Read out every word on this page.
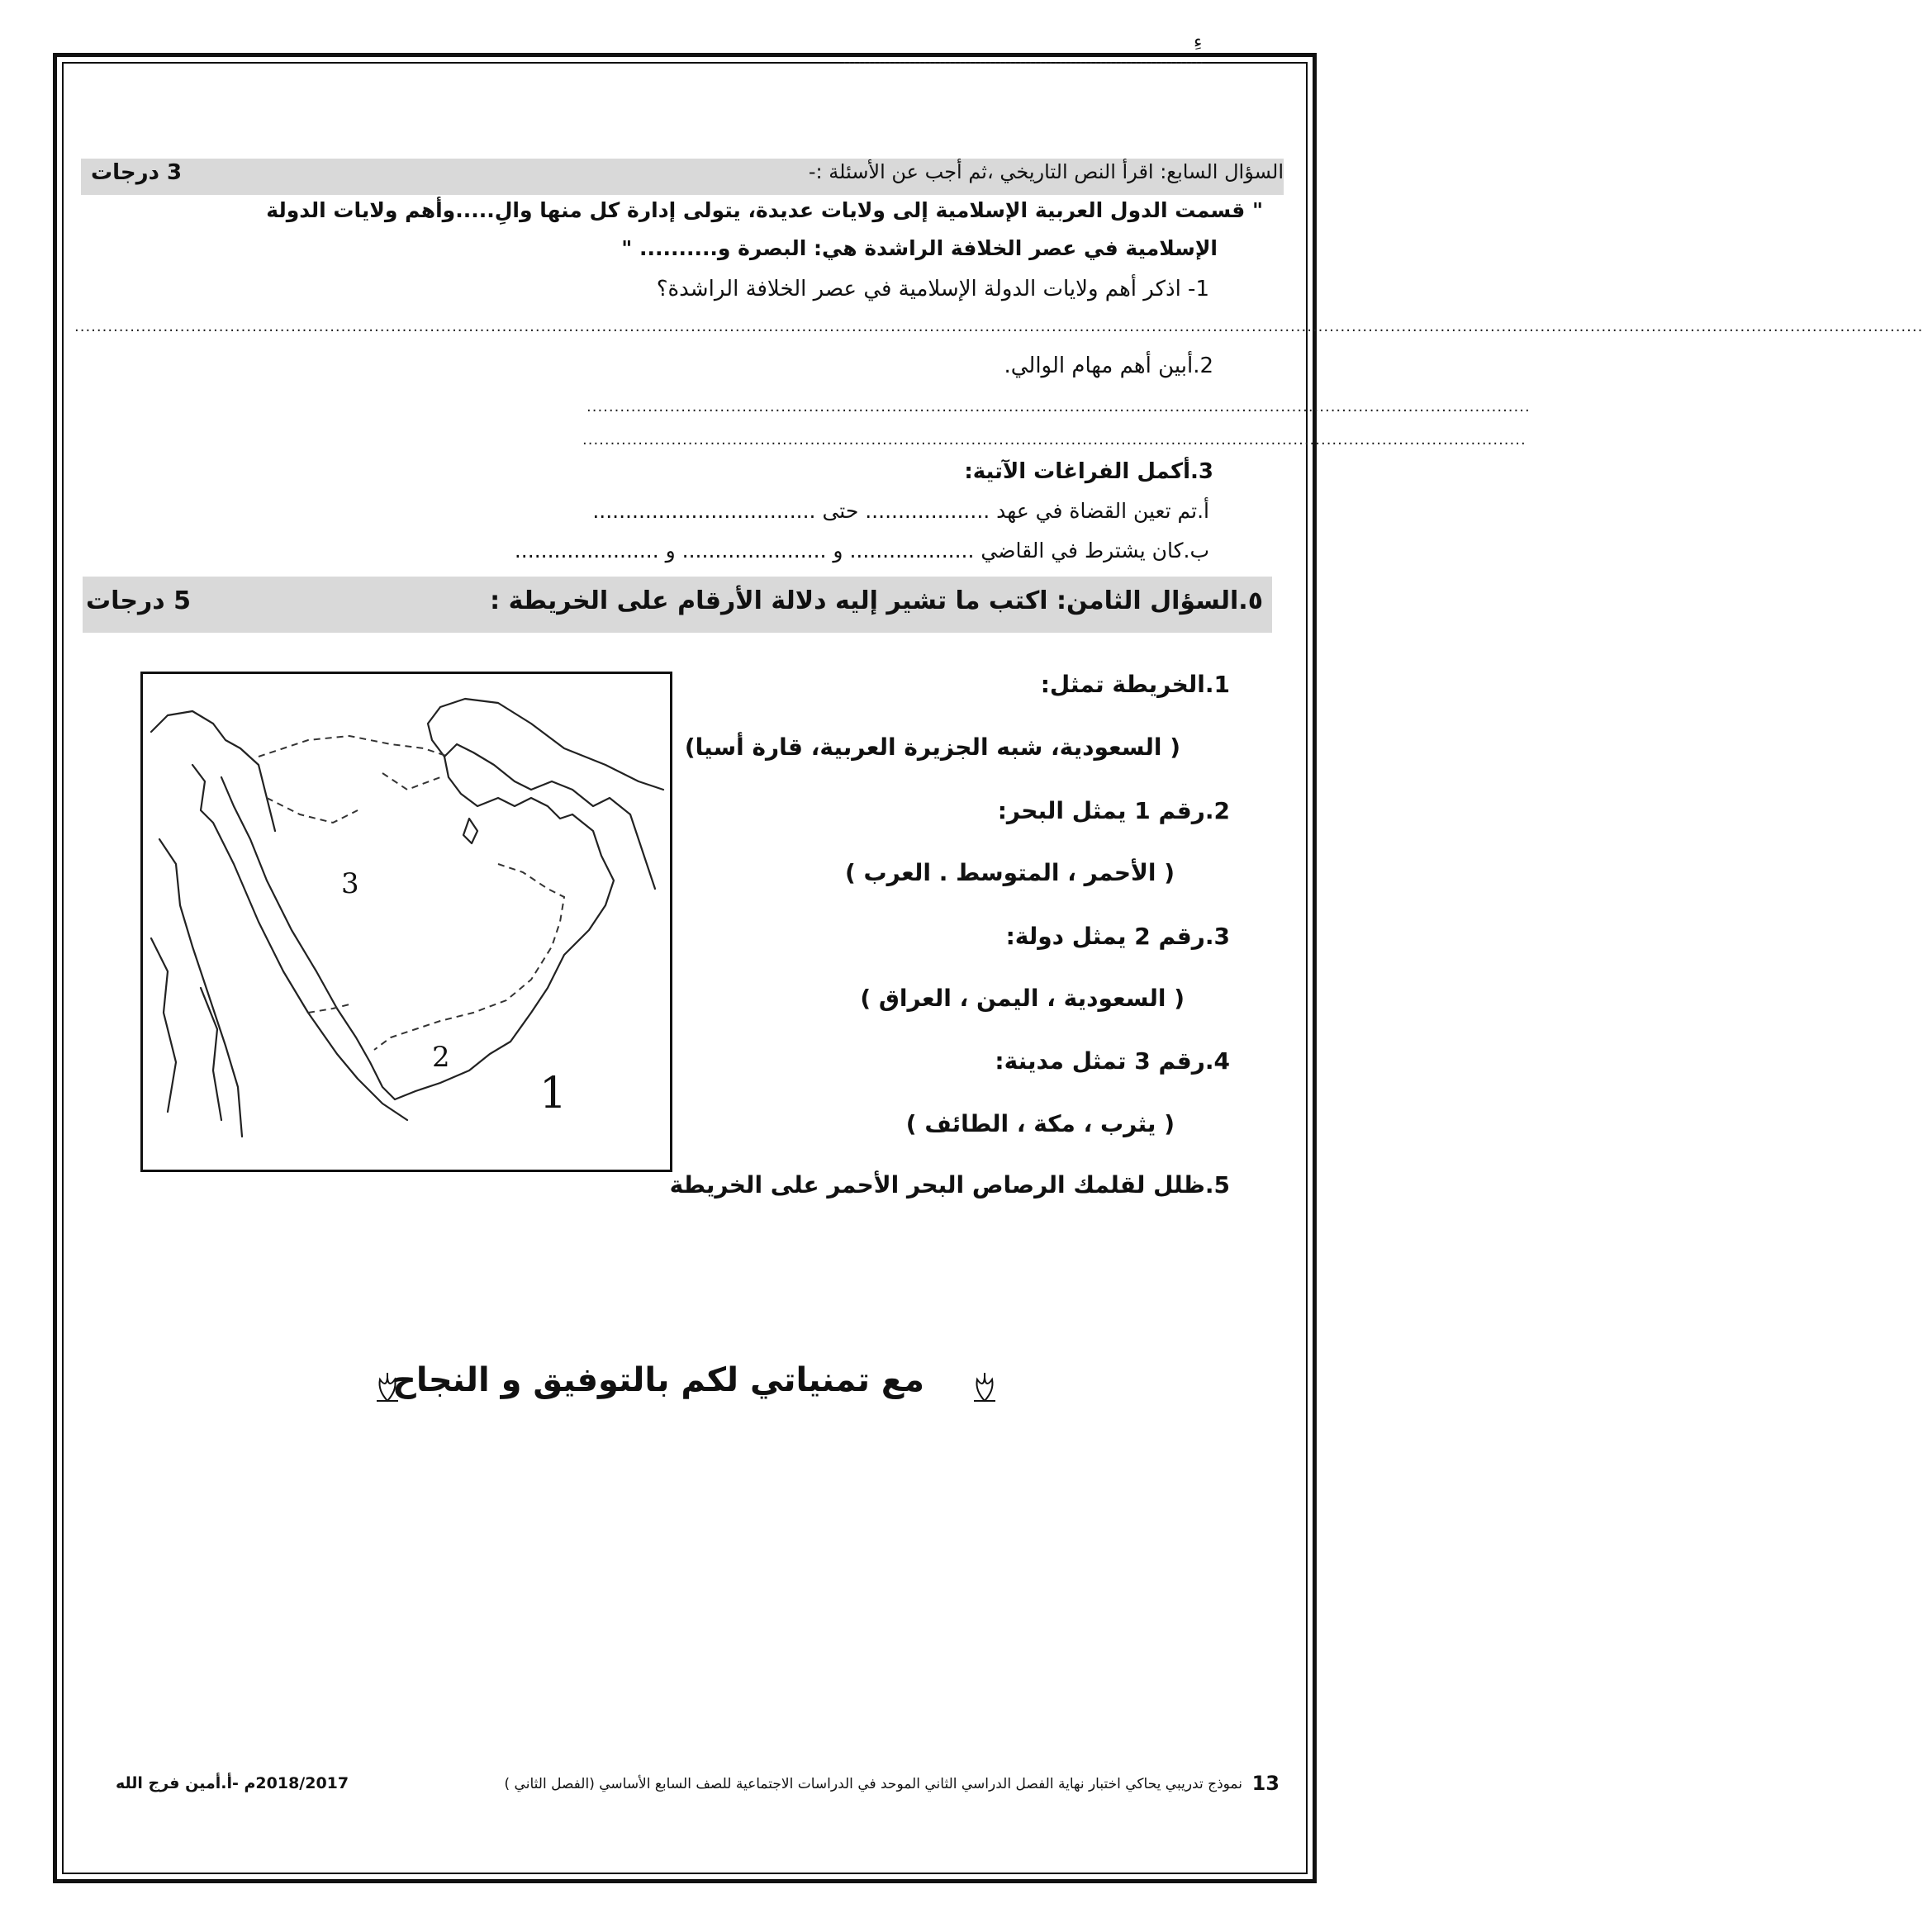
ءِ
........................................................................
السؤال السابع: اقرأ النص التاريخي ،ثم أجب عن الأسئلة :-
3 درجات
" قسمت الدول العربية الإسلامية إلى ولايات عديدة، يتولى إدارة كل منها والِ.....وأهم ولايات الدولة
الإسلامية في عصر الخلافة الراشدة هي: البصرة و.......... "
1- اذكر أهم ولايات الدولة الإسلامية في عصر الخلافة الراشدة؟
.............................................................................................................................................................................................................................................................................................................................................
2.أبين أهم مهام الوالي.
..........................................................................................................................................................................
..........................................................................................................................................................................
3.أكمل الفراغات الآتية:
أ.تم تعين القضاة في عهد ................... حتى ..................................
ب.كان يشترط في القاضي ................... و ...................... و ......................
٥.السؤال الثامن: اكتب ما تشير إليه دلالة الأرقام على الخريطة :
5 درجات
3
2
1
1.الخريطة تمثل:
( السعودية، شبه الجزيرة العربية، قارة أسيا)
2.رقم 1 يمثل البحر:
( الأحمر ، المتوسط . العرب )
3.رقم 2 يمثل دولة:
( السعودية ، اليمن ، العراق )
4.رقم 3 تمثل مدينة:
( يثرب ، مكة ، الطائف )
5.ظلل لقلمك الرصاص البحر الأحمر على الخريطة
مع تمنياتي لكم بالتوفيق و النجاح
13
نموذج تدريبي يحاكي اختبار نهاية الفصل الدراسي الثاني الموحد في الدراسات الاجتماعية للصف السابع الأساسي (الفصل الثاني )
2018/2017م -أ.أمين فرج الله
